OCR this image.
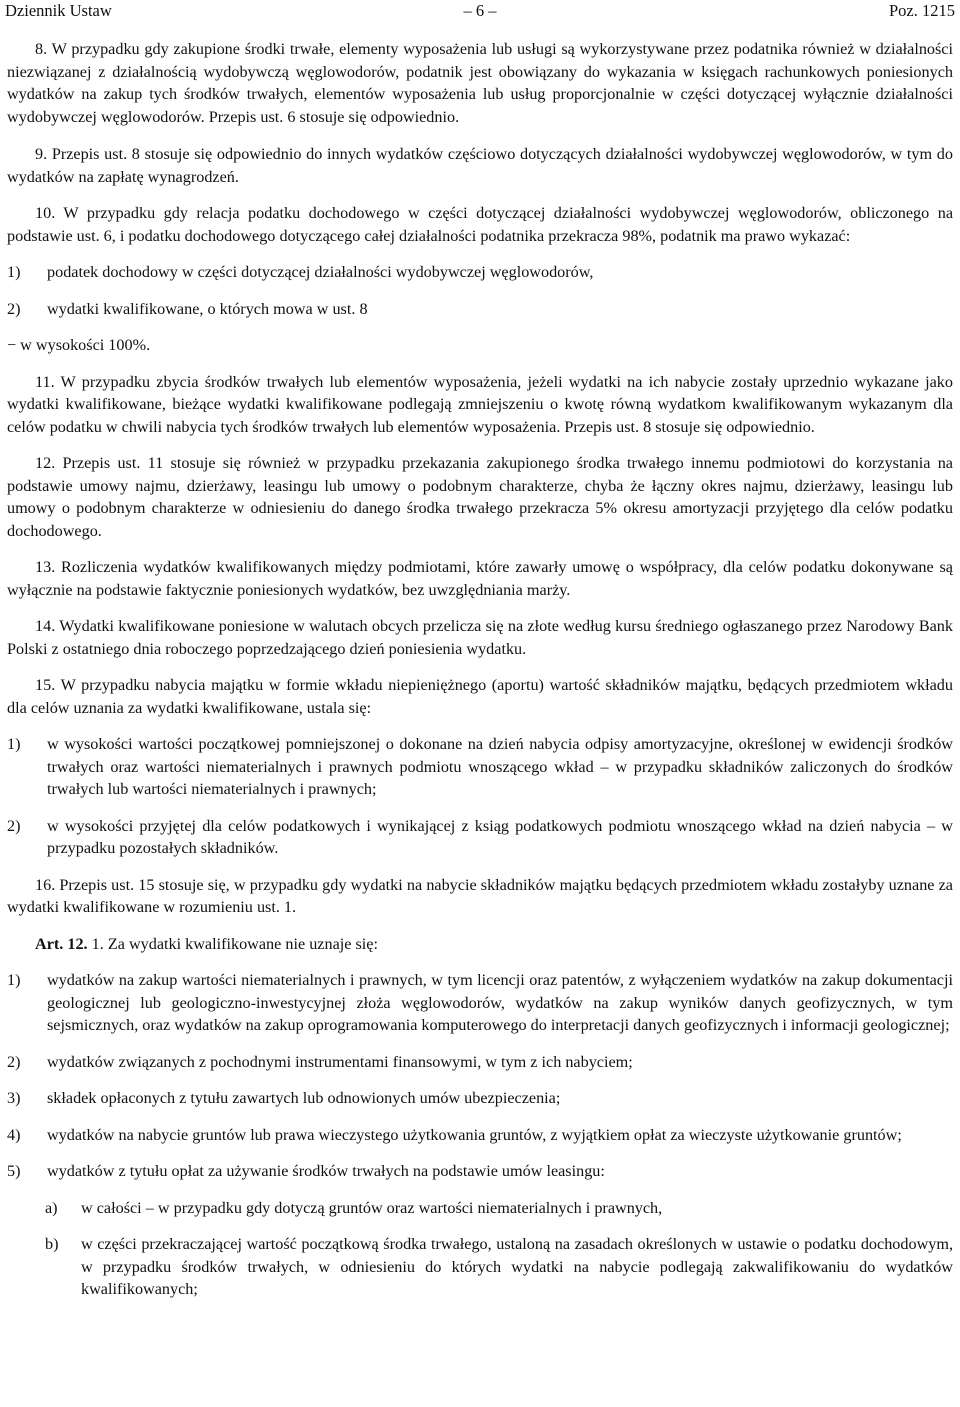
Dziennik Ustaw	– 6 –	Poz. 1215

8. W przypadku gdy zakupione środki trwałe, elementy wyposażenia lub usługi są wykorzystywane przez podatnika również w działalności niezwiązanej z działalnością wydobywczą węglowodorów, podatnik jest obowiązany do wykazania w księgach rachunkowych poniesionych wydatków na zakup tych środków trwałych, elementów wyposażenia lub usług proporcjonalnie w części dotyczącej wyłącznie działalności wydobywczej węglowodorów. Przepis ust. 6 stosuje się odpowiednio.

9. Przepis ust. 8 stosuje się odpowiednio do innych wydatków częściowo dotyczących działalności wydobywczej węglowodorów, w tym do wydatków na zapłatę wynagrodzeń.

10. W przypadku gdy relacja podatku dochodowego w części dotyczącej działalności wydobywczej węglowodorów, obliczonego na podstawie ust. 6, i podatku dochodowego dotyczącego całej działalności podatnika przekracza 98%, podatnik ma prawo wykazać:

1) podatek dochodowy w części dotyczącej działalności wydobywczej węglowodorów,

2) wydatki kwalifikowane, o których mowa w ust. 8

− w wysokości 100%.

11. W przypadku zbycia środków trwałych lub elementów wyposażenia, jeżeli wydatki na ich nabycie zostały uprzednio wykazane jako wydatki kwalifikowane, bieżące wydatki kwalifikowane podlegają zmniejszeniu o kwotę równą wydatkom kwalifikowanym wykazanym dla celów podatku w chwili nabycia tych środków trwałych lub elementów wyposażenia. Przepis ust. 8 stosuje się odpowiednio.

12. Przepis ust. 11 stosuje się również w przypadku przekazania zakupionego środka trwałego innemu podmiotowi do korzystania na podstawie umowy najmu, dzierżawy, leasingu lub umowy o podobnym charakterze, chyba że łączny okres najmu, dzierżawy, leasingu lub umowy o podobnym charakterze w odniesieniu do danego środka trwałego przekracza 5% okresu amortyzacji przyjętego dla celów podatku dochodowego.

13. Rozliczenia wydatków kwalifikowanych między podmiotami, które zawarły umowę o współpracy, dla celów podatku dokonywane są wyłącznie na podstawie faktycznie poniesionych wydatków, bez uwzględniania marży.

14. Wydatki kwalifikowane poniesione w walutach obcych przelicza się na złote według kursu średniego ogłaszanego przez Narodowy Bank Polski z ostatniego dnia roboczego poprzedzającego dzień poniesienia wydatku.

15. W przypadku nabycia majątku w formie wkładu niepieniężnego (aportu) wartość składników majątku, będących przedmiotem wkładu dla celów uznania za wydatki kwalifikowane, ustala się:

1) w wysokości wartości początkowej pomniejszonej o dokonane na dzień nabycia odpisy amortyzacyjne, określonej w ewidencji środków trwałych oraz wartości niematerialnych i prawnych podmiotu wnoszącego wkład – w przypadku składników zaliczonych do środków trwałych lub wartości niematerialnych i prawnych;

2) w wysokości przyjętej dla celów podatkowych i wynikającej z ksiąg podatkowych podmiotu wnoszącego wkład na dzień nabycia – w przypadku pozostałych składników.

16. Przepis ust. 15 stosuje się, w przypadku gdy wydatki na nabycie składników majątku będących przedmiotem wkładu zostałyby uznane za wydatki kwalifikowane w rozumieniu ust. 1.

Art. 12. 1. Za wydatki kwalifikowane nie uznaje się:

1) wydatków na zakup wartości niematerialnych i prawnych, w tym licencji oraz patentów, z wyłączeniem wydatków na zakup dokumentacji geologicznej lub geologiczno-inwestycyjnej złoża węglowodorów, wydatków na zakup wyników danych geofizycznych, w tym sejsmicznych, oraz wydatków na zakup oprogramowania komputerowego do interpretacji danych geofizycznych i informacji geologicznej;

2) wydatków związanych z pochodnymi instrumentami finansowymi, w tym z ich nabyciem;

3) składek opłaconych z tytułu zawartych lub odnowionych umów ubezpieczenia;

4) wydatków na nabycie gruntów lub prawa wieczystego użytkowania gruntów, z wyjątkiem opłat za wieczyste użytkowanie gruntów;

5) wydatków z tytułu opłat za używanie środków trwałych na podstawie umów leasingu:

a) w całości – w przypadku gdy dotyczą gruntów oraz wartości niematerialnych i prawnych,

b) w części przekraczającej wartość początkową środka trwałego, ustaloną na zasadach określonych w ustawie o podatku dochodowym, w przypadku środków trwałych, w odniesieniu do których wydatki na nabycie podlegają zakwalifikowaniu do wydatków kwalifikowanych;
